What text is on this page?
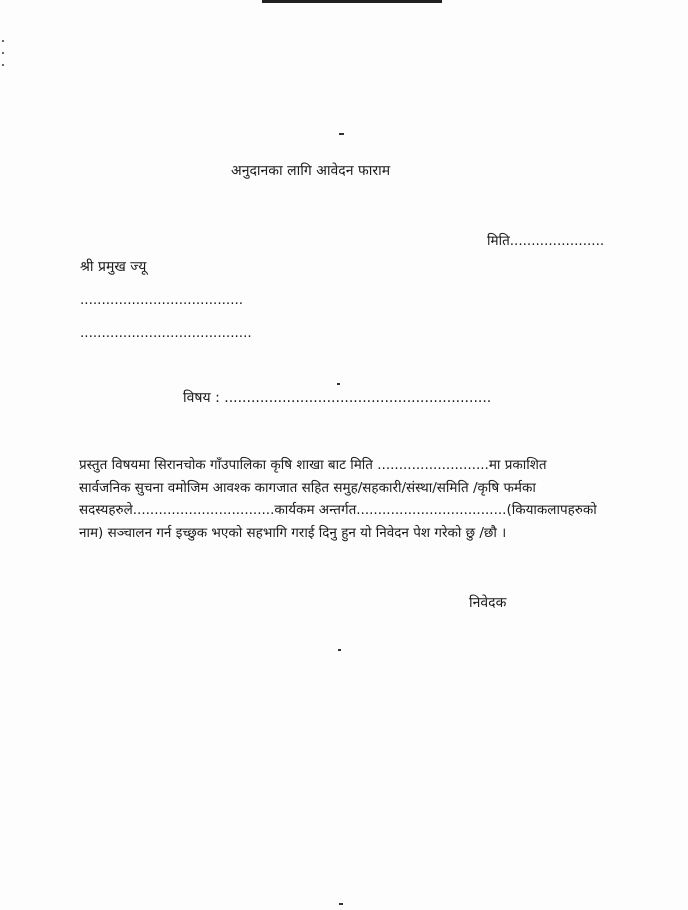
अनुदानका लागि आवेदन फाराम
मिति......................
श्री प्रमुख ज्यू
......................................
........................................
विषय : ............................................................
प्रस्तुत विषयमा सिरानचोक गाँउपालिका कृषि शाखा बाट मिति ..........................मा प्रकाशित
सार्वजनिक सुचना वमोजिम आवश्क कागजात सहित समुह/सहकारी/संस्था/समिति /कृषि फर्मका
सदस्यहरुले.................................कार्यकम अन्तर्गत...................................(कियाकलापहरुको
नाम) सञ्चालन गर्न इच्छुक भएको सहभागि गराई दिनु हुन यो निवेदन पेश गरेको छु /छौ ।
निवेदक
